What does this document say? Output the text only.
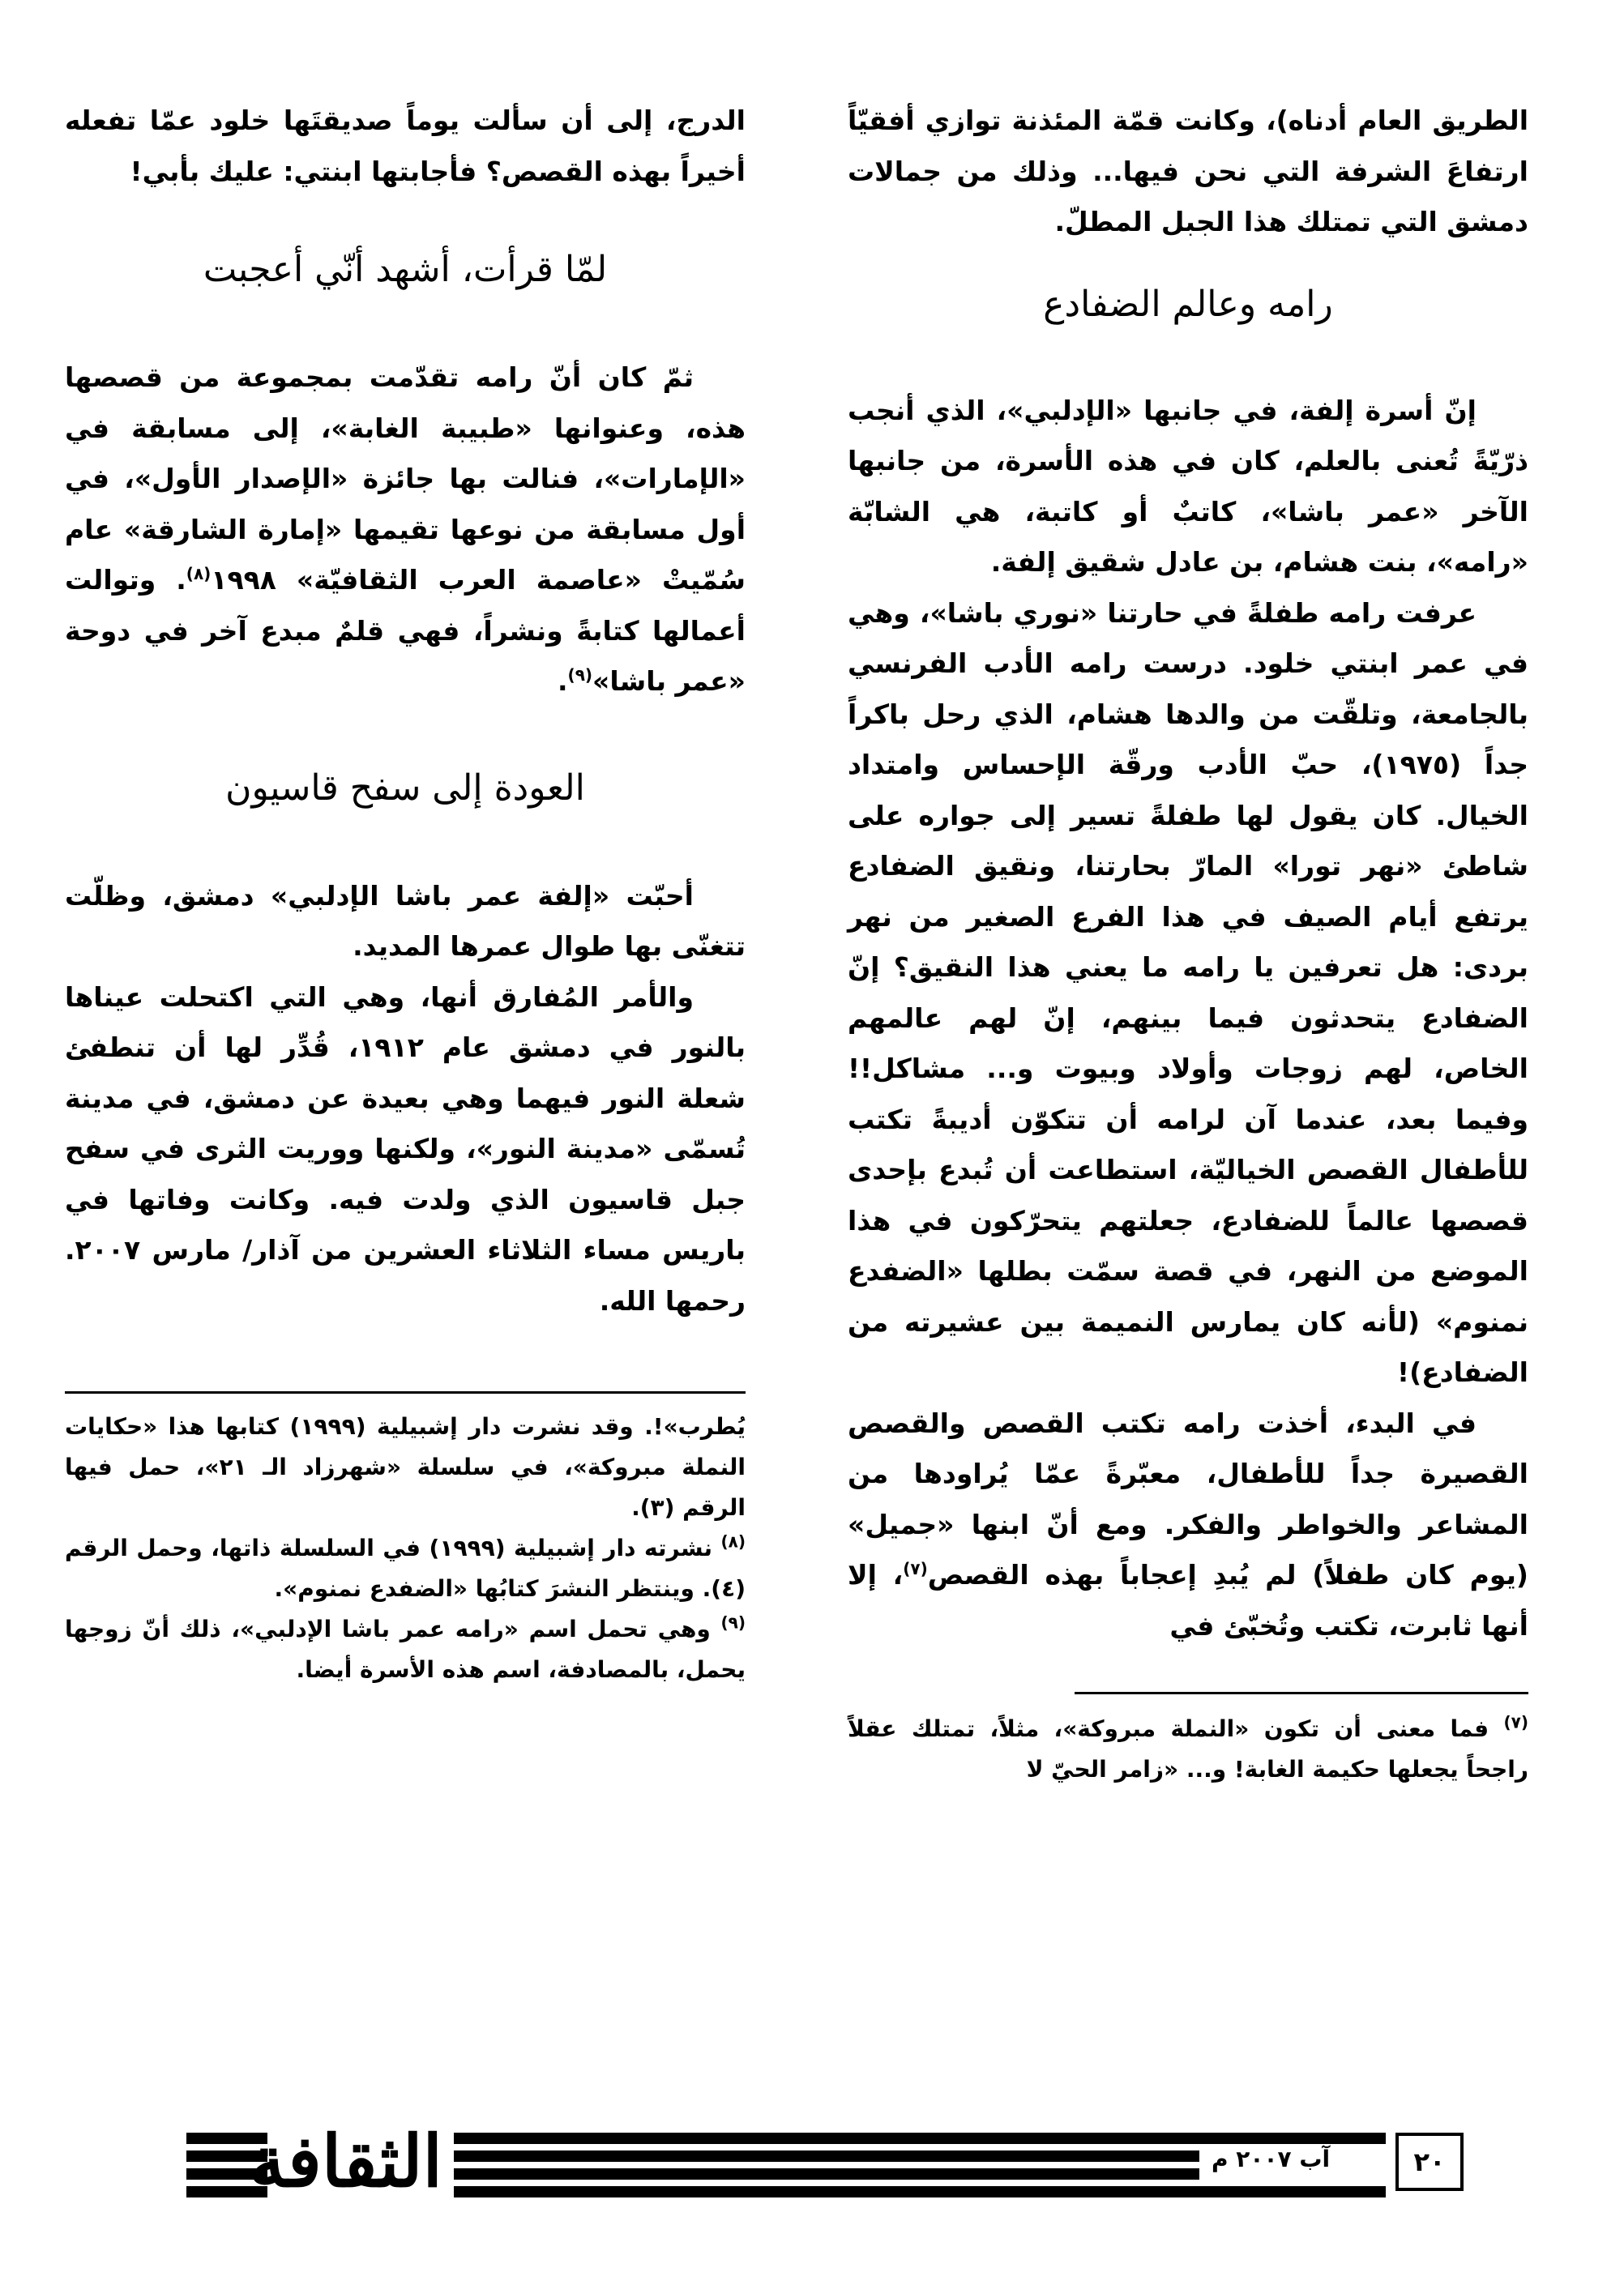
الطريق العام أدناه)، وكانت قمّة المئذنة توازي أفقيّاً ارتفاعَ الشرفة التي نحن فيها... وذلك من جمالات دمشق التي تمتلك هذا الجبل المطلّ.

رامه وعالم الضفادع

إنّ أسرة إلفة، في جانبها «الإدلبي»، الذي أنجب ذرّيّةً تُعنى بالعلم، كان في هذه الأسرة، من جانبها الآخر «عمر باشا»، كاتبٌ أو كاتبة، هي الشابّة «رامه»، بنت هشام، بن عادل شقيق إلفة.

عرفت رامه طفلةً في حارتنا «نوري باشا»، وهي في عمر ابنتي خلود. درست رامه الأدب الفرنسي بالجامعة، وتلقّت من والدها هشام، الذي رحل باكراً جداً (١٩٧٥)، حبّ الأدب ورقّة الإحساس وامتداد الخيال. كان يقول لها طفلةً تسير إلى جواره على شاطئ «نهر تورا» المارّ بحارتنا، ونقيق الضفادع يرتفع أيام الصيف في هذا الفرع الصغير من نهر بردى: هل تعرفين يا رامه ما يعني هذا النقيق؟ إنّ الضفادع يتحدثون فيما بينهم، إنّ لهم عالمهم الخاص، لهم زوجات وأولاد وبيوت و... مشاكل!! وفيما بعد، عندما آن لرامه أن تتكوّن أديبةً تكتب للأطفال القصص الخياليّة، استطاعت أن تُبدع بإحدى قصصها عالماً للضفادع، جعلتهم يتحرّكون في هذا الموضع من النهر، في قصة سمّت بطلها «الضفدع نمنوم» (لأنه كان يمارس النميمة بين عشيرته من الضفادع)!

في البدء، أخذت رامه تكتب القصص والقصص القصيرة جداً للأطفال، معبّرةً عمّا يُراودها من المشاعر والخواطر والفكر. ومع أنّ ابنها «جميل» (يوم كان طفلاً) لم يُبدِ إعجاباً بهذه القصص$^{(٧)}$، إلا أنها ثابرت، تكتب وتُخبّئ في

$^{(٧)}$ فما معنى أن تكون «النملة مبروكة»، مثلاً، تمتلك عقلاً راجحاً يجعلها حكيمة الغابة! و... «زامر الحيّ لا

الدرج، إلى أن سألت يوماً صديقتَها خلود عمّا تفعله أخيراً بهذه القصص؟ فأجابتها ابنتي: عليك بأبي!

لمّا قرأت، أشهد أنّي أعجبت

ثمّ كان أنّ رامه تقدّمت بمجموعة من قصصها هذه، وعنوانها «طبيبة الغابة»، إلى مسابقة في «الإمارات»، فنالت بها جائزة «الإصدار الأول»، في أول مسابقة من نوعها تقيمها «إمارة الشارقة» عام سُمّيتْ «عاصمة العرب الثقافيّة» ١٩٩٨$^{(٨)}$. وتوالت أعمالها كتابةً ونشراً، فهي قلمٌ مبدع آخر في دوحة «عمر باشا»$^{(٩)}$.

العودة إلى سفح قاسيون

أحبّت «إلفة عمر باشا الإدلبي» دمشق، وظلّت تتغنّى بها طوال عمرها المديد.

والأمر المُفارق أنها، وهي التي اكتحلت عيناها بالنور في دمشق عام ١٩١٢، قُدِّر لها أن تنطفئ شعلة النور فيهما وهي بعيدة عن دمشق، في مدينة تُسمّى «مدينة النور»، ولكنها ووريت الثرى في سفح جبل قاسيون الذي ولدت فيه. وكانت وفاتها في باريس مساء الثلاثاء العشرين من آذار/ مارس ٢٠٠٧. رحمها الله.

يُطرب»!. وقد نشرت دار إشبيلية (١٩٩٩) كتابها هذا «حكايات النملة مبروكة»، في سلسلة «شهرزاد الـ ٢١»، حمل فيها الرقم (٣).

$^{(٨)}$ نشرته دار إشبيلية (١٩٩٩) في السلسلة ذاتها، وحمل الرقم (٤). وينتظر النشرَ كتابُها «الضفدع نمنوم».

$^{(٩)}$ وهي تحمل اسم «رامه عمر باشا الإدلبي»، ذلك أنّ زوجها يحمل، بالمصادفة، اسم هذه الأسرة أيضا.

الثقافة	آب ٢٠٠٧ م	٢٠
